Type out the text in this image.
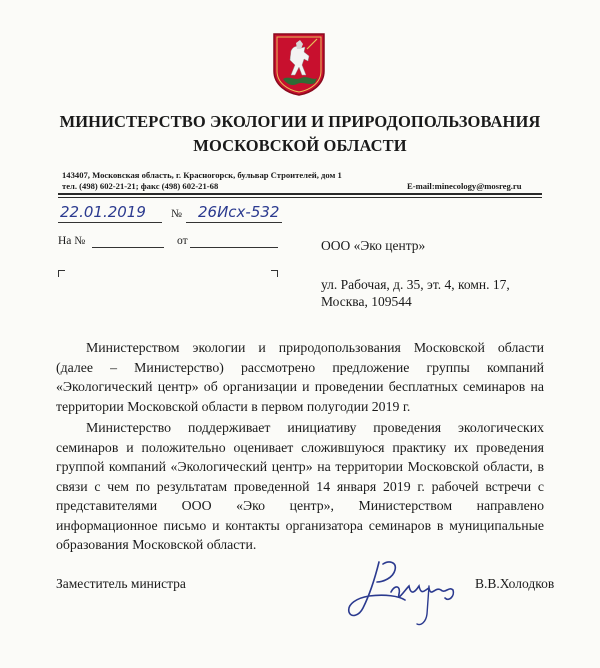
МИНИСТЕРСТВО ЭКОЛОГИИ И ПРИРОДОПОЛЬЗОВАНИЯ
МОСКОВСКОЙ ОБЛАСТИ
143407, Московская область, г. Красногорск, бульвар Строителей, дом 1
тел. (498) 602-21-21; факс (498) 602-21-68	E-mail:minecology@mosreg.ru
22.01.2019 № 26Исх-532
На №	от	ООО «Эко центр»
ул. Рабочая, д. 35, эт. 4, комн. 17,
Москва, 109544
Министерством экологии и природопользования Московской области
(далее – Министерство) рассмотрено предложение группы компаний
«Экологический центр» об организации и проведении бесплатных семинаров на
территории Московской области в первом полугодии 2019 г.
Министерство поддерживает инициативу проведения экологических
семинаров и положительно оценивает сложившуюся практику их проведения
группой компаний «Экологический центр» на территории Московской области, в
связи с чем по результатам проведенной 14 января 2019 г. рабочей встречи с
представителями ООО «Эко центр», Министерством направлено
информационное письмо и контакты организатора семинаров в муниципальные
образования Московской области.
Заместитель министра	В.В.Холодков
